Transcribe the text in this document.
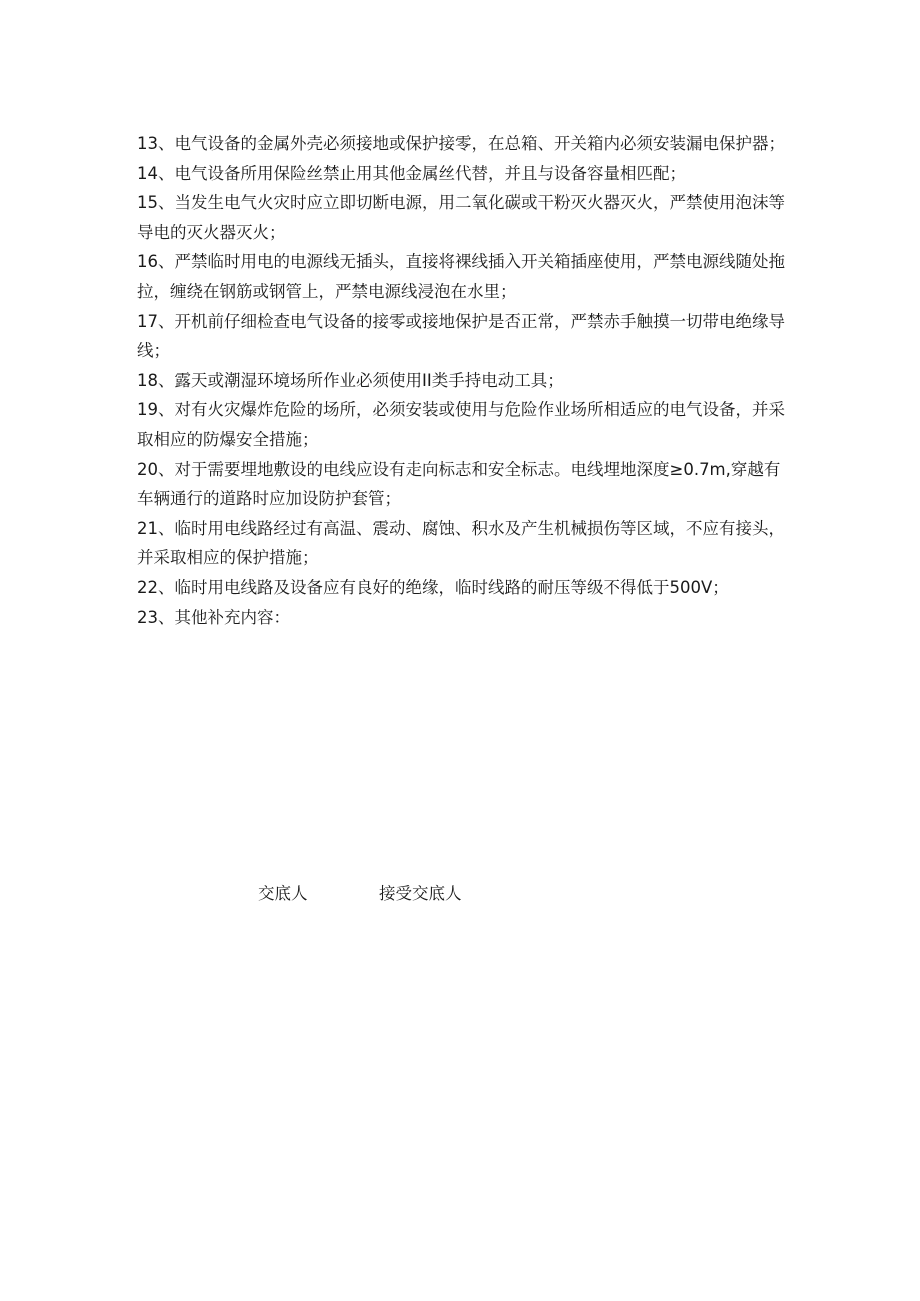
13、电气设备的金属外壳必须接地或保护接零，在总箱、开关箱内必须安装漏电保护器；

14、电气设备所用保险丝禁止用其他金属丝代替，并且与设备容量相匹配；

15、当发生电气火灾时应立即切断电源，用二氧化碳或干粉灭火器灭火，严禁使用泡沫等导电的灭火器灭火；

16、严禁临时用电的电源线无插头，直接将裸线插入开关箱插座使用，严禁电源线随处拖拉，缠绕在钢筋或钢管上，严禁电源线浸泡在水里；

17、开机前仔细检查电气设备的接零或接地保护是否正常，严禁赤手触摸一切带电绝缘导线；

18、露天或潮湿环境场所作业必须使用II类手持电动工具；

19、对有火灾爆炸危险的场所，必须安装或使用与危险作业场所相适应的电气设备，并采取相应的防爆安全措施；

20、对于需要埋地敷设的电线应设有走向标志和安全标志。电线埋地深度≥0.7m,穿越有车辆通行的道路时应加设防护套管；

21、临时用电线路经过有高温、震动、腐蚀、积水及产生机械损伤等区域，不应有接头，并采取相应的保护措施；

22、临时用电线路及设备应有良好的绝缘，临时线路的耐压等级不得低于500V；

23、其他补充内容：

交底人	接受交底人
